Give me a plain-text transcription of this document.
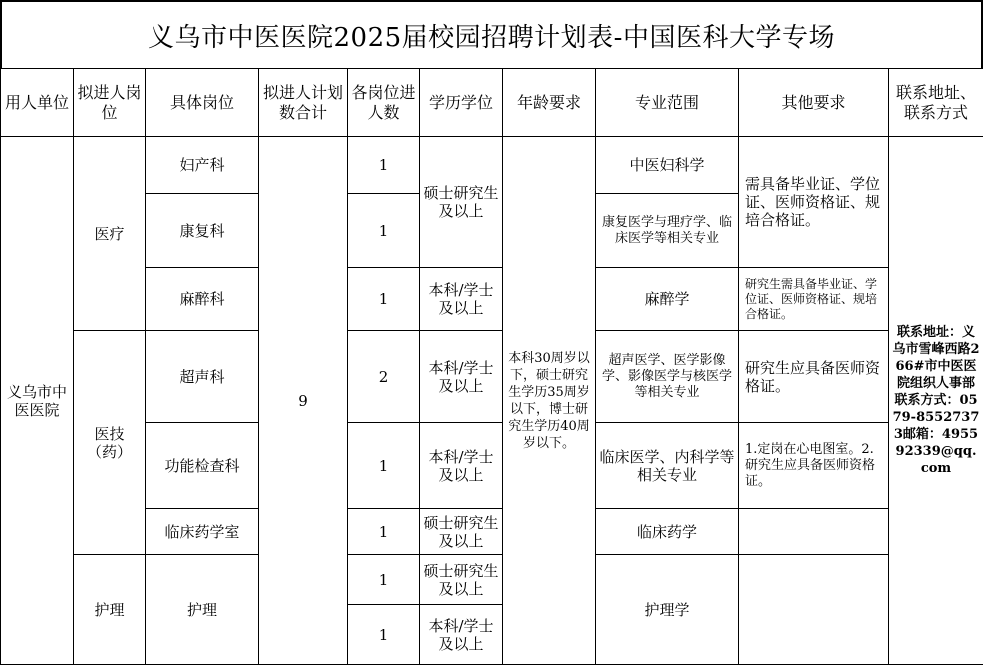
义乌市中医医院2025届校园招聘计划表-中国医科大学专场
用人单位	拟进人岗位	具体岗位	拟进人计划数合计	各岗位进人数	学历学位	年龄要求	专业范围	其他要求	联系地址、联系方式
义乌市中医医院	医疗	妇产科	9	1	硕士研究生及以上	本科30周岁以下，硕士研究生学历35周岁以下，博士研究生学历40周岁以下。	中医妇科学	需具备毕业证、学位证、医师资格证、规培合格证。	联系地址：义乌市雪峰西路266#市中医医院组织人事部联系方式：0579-85527373邮箱：495592339@qq.com
		康复科		1			康复医学与理疗学、临床医学等相关专业		
		麻醉科		1	本科/学士及以上		麻醉学	研究生需具备毕业证、学位证、医师资格证、规培合格证。	
	医技（药）	超声科		2	本科/学士及以上		超声医学、医学影像学、影像医学与核医学等相关专业	研究生应具备医师资格证。	
		功能检查科		1	本科/学士及以上		临床医学、内科学等相关专业	1.定岗在心电图室。2.研究生应具备医师资格证。	
		临床药学室		1	硕士研究生及以上		临床药学		
	护理	护理		1	硕士研究生及以上		护理学		
				1	本科/学士及以上				
